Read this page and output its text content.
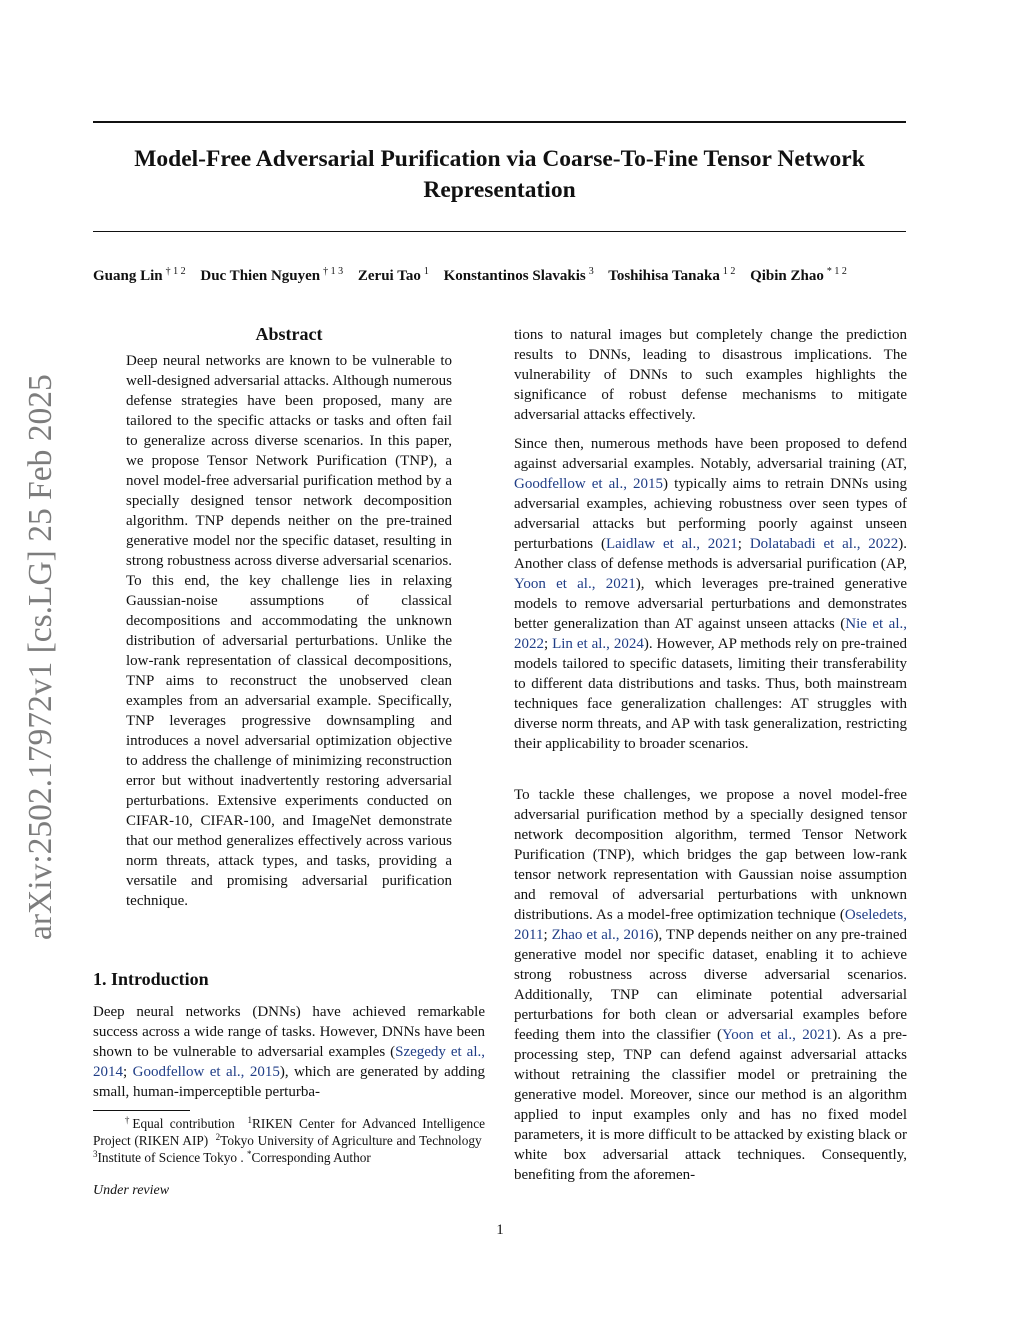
arXiv:2502.17972v1 [cs.LG] 25 Feb 2025
Model-Free Adversarial Purification via Coarse-To-Fine Tensor Network Representation
Guang Lin $^{\dagger 1 2}$ Duc Thien Nguyen $^{\dagger 1 3}$ Zerui Tao $^1$ Konstantinos Slavakis $^3$ Toshihisa Tanaka $^{1 2}$ Qibin Zhao $^{* 1 2}$
Abstract
Deep neural networks are known to be vulnerable to well-designed adversarial attacks. Although numerous defense strategies have been proposed, many are tailored to the specific attacks or tasks and often fail to generalize across diverse scenarios. In this paper, we propose Tensor Network Purification (TNP), a novel model-free adversarial purification method by a specially designed tensor network decomposition algorithm. TNP depends neither on the pre-trained generative model nor the specific dataset, resulting in strong robustness across diverse adversarial scenarios. To this end, the key challenge lies in relaxing Gaussian-noise assumptions of classical decompositions and accommodating the unknown distribution of adversarial perturbations. Unlike the low-rank representation of classical decompositions, TNP aims to reconstruct the unobserved clean examples from an adversarial example. Specifically, TNP leverages progressive downsampling and introduces a novel adversarial optimization objective to address the challenge of minimizing reconstruction error but without inadvertently restoring adversarial perturbations. Extensive experiments conducted on CIFAR-10, CIFAR-100, and ImageNet demonstrate that our method generalizes effectively across various norm threats, attack types, and tasks, providing a versatile and promising adversarial purification technique.
1. Introduction
Deep neural networks (DNNs) have achieved remarkable success across a wide range of tasks. However, DNNs have been shown to be vulnerable to adversarial examples (Szegedy et al., 2014; Goodfellow et al., 2015), which are generated by adding small, human-imperceptible perturba-
†Equal contribution $^1$RIKEN Center for Advanced Intelligence Project (RIKEN AIP) $^2$Tokyo University of Agriculture and Technology  $^3$Institute of Science Tokyo . *Corresponding Author
Under review
tions to natural images but completely change the prediction results to DNNs, leading to disastrous implications. The vulnerability of DNNs to such examples highlights the significance of robust defense mechanisms to mitigate adversarial attacks effectively.
Since then, numerous methods have been proposed to defend against adversarial examples. Notably, adversarial training (AT, Goodfellow et al., 2015) typically aims to retrain DNNs using adversarial examples, achieving robustness over seen types of adversarial attacks but performing poorly against unseen perturbations (Laidlaw et al., 2021; Dolatabadi et al., 2022). Another class of defense methods is adversarial purification (AP, Yoon et al., 2021), which leverages pre-trained generative models to remove adversarial perturbations and demonstrates better generalization than AT against unseen attacks (Nie et al., 2022; Lin et al., 2024). However, AP methods rely on pre-trained models tailored to specific datasets, limiting their transferability to different data distributions and tasks. Thus, both mainstream techniques face generalization challenges: AT struggles with diverse norm threats, and AP with task generalization, restricting their applicability to broader scenarios.
To tackle these challenges, we propose a novel model-free adversarial purification method by a specially designed tensor network decomposition algorithm, termed Tensor Network Purification (TNP), which bridges the gap between low-rank tensor network representation with Gaussian noise assumption and removal of adversarial perturbations with unknown distributions. As a model-free optimization technique (Oseledets, 2011; Zhao et al., 2016), TNP depends neither on any pre-trained generative model nor specific dataset, enabling it to achieve strong robustness across diverse adversarial scenarios. Additionally, TNP can eliminate potential adversarial perturbations for both clean or adversarial examples before feeding them into the classifier (Yoon et al., 2021). As a pre-processing step, TNP can defend against adversarial attacks without retraining the classifier model or pretraining the generative model. Moreover, since our method is an algorithm applied to input examples only and has no fixed model parameters, it is more difficult to be attacked by existing black or white box adversarial attack techniques. Consequently, benefiting from the aforemen-
1
